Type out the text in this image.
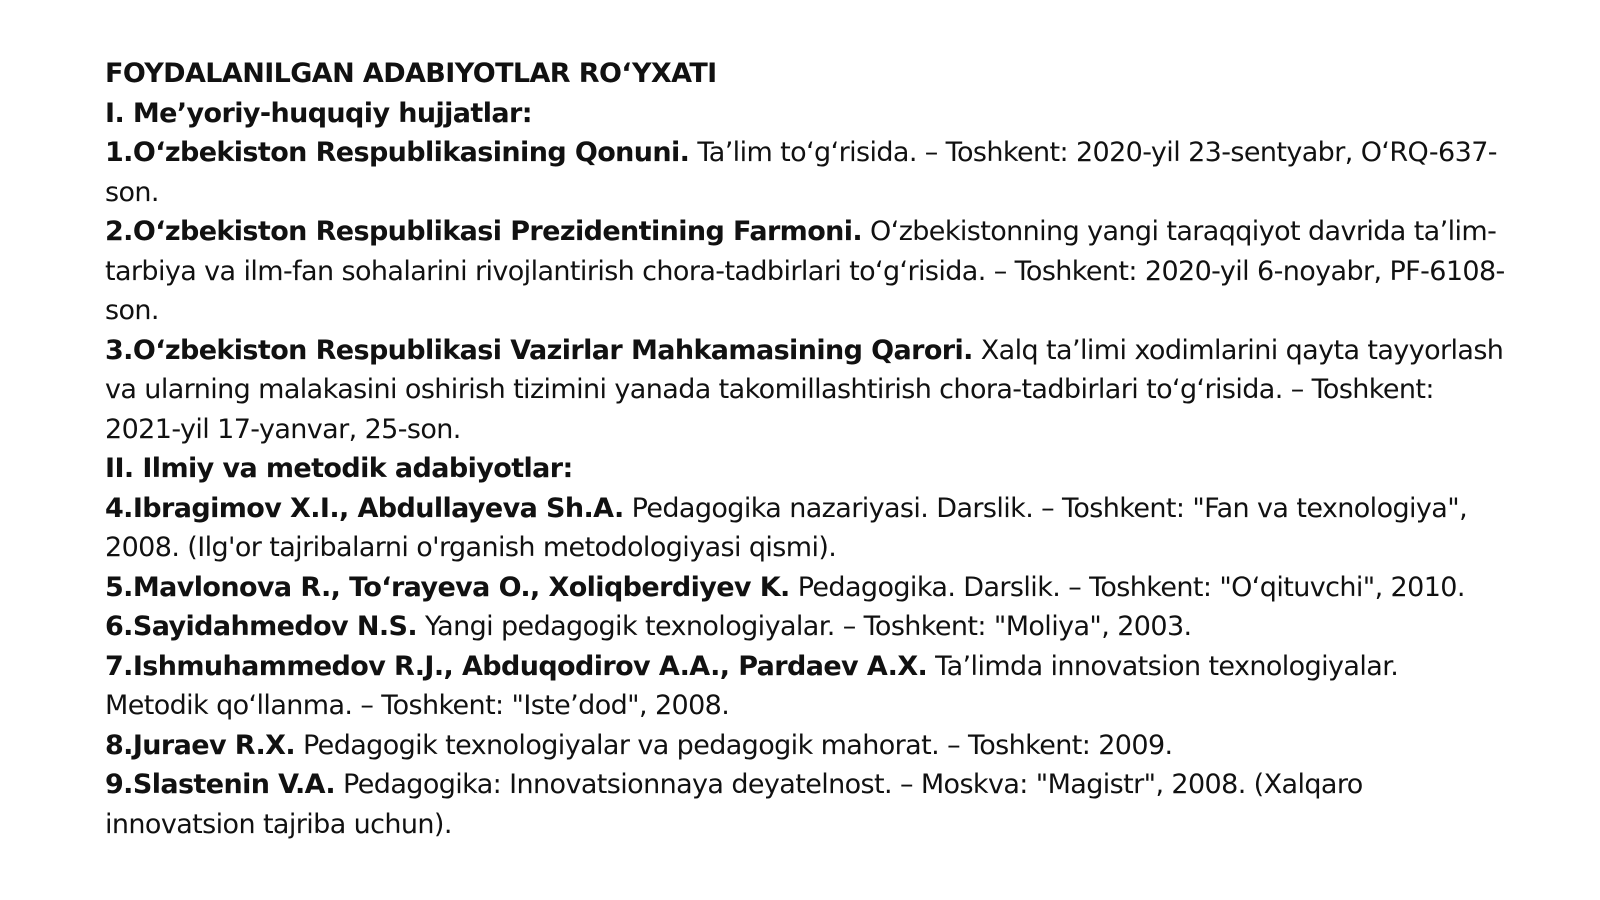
FOYDALANILGAN ADABIYOTLAR RO‘YXATI

I. Me’yoriy-huquqiy hujjatlar:

1.O‘zbekiston Respublikasining Qonuni. Ta’lim to‘g‘risida. – Toshkent: 2020-yil 23-sentyabr, O‘RQ-637-son.

2.O‘zbekiston Respublikasi Prezidentining Farmoni. O‘zbekistonning yangi taraqqiyot davrida ta’lim-tarbiya va ilm-fan sohalarini rivojlantirish chora-tadbirlari to‘g‘risida. – Toshkent: 2020-yil 6-noyabr, PF-6108-son.

3.O‘zbekiston Respublikasi Vazirlar Mahkamasining Qarori. Xalq ta’limi xodimlarini qayta tayyorlash va ularning malakasini oshirish tizimini yanada takomillashtirish chora-tadbirlari to‘g‘risida. – Toshkent: 2021-yil 17-yanvar, 25-son.

II. Ilmiy va metodik adabiyotlar:

4.Ibragimov X.I., Abdullayeva Sh.A. Pedagogika nazariyasi. Darslik. – Toshkent: "Fan va texnologiya", 2008. (Ilg'or tajribalarni o'rganish metodologiyasi qismi).

5.Mavlonova R., To‘rayeva O., Xoliqberdiyev K. Pedagogika. Darslik. – Toshkent: "O‘qituvchi", 2010.

6.Sayidahmedov N.S. Yangi pedagogik texnologiyalar. – Toshkent: "Moliya", 2003.

7.Ishmuhammedov R.J., Abduqodirov A.A., Pardaev A.X. Ta’limda innovatsion texnologiyalar. Metodik qo‘llanma. – Toshkent: "Iste’dod", 2008.

8.Juraev R.X. Pedagogik texnologiyalar va pedagogik mahorat. – Toshkent: 2009.

9.Slastenin V.A. Pedagogika: Innovatsionnaya deyatelnost. – Moskva: "Magistr", 2008. (Xalqaro innovatsion tajriba uchun).
